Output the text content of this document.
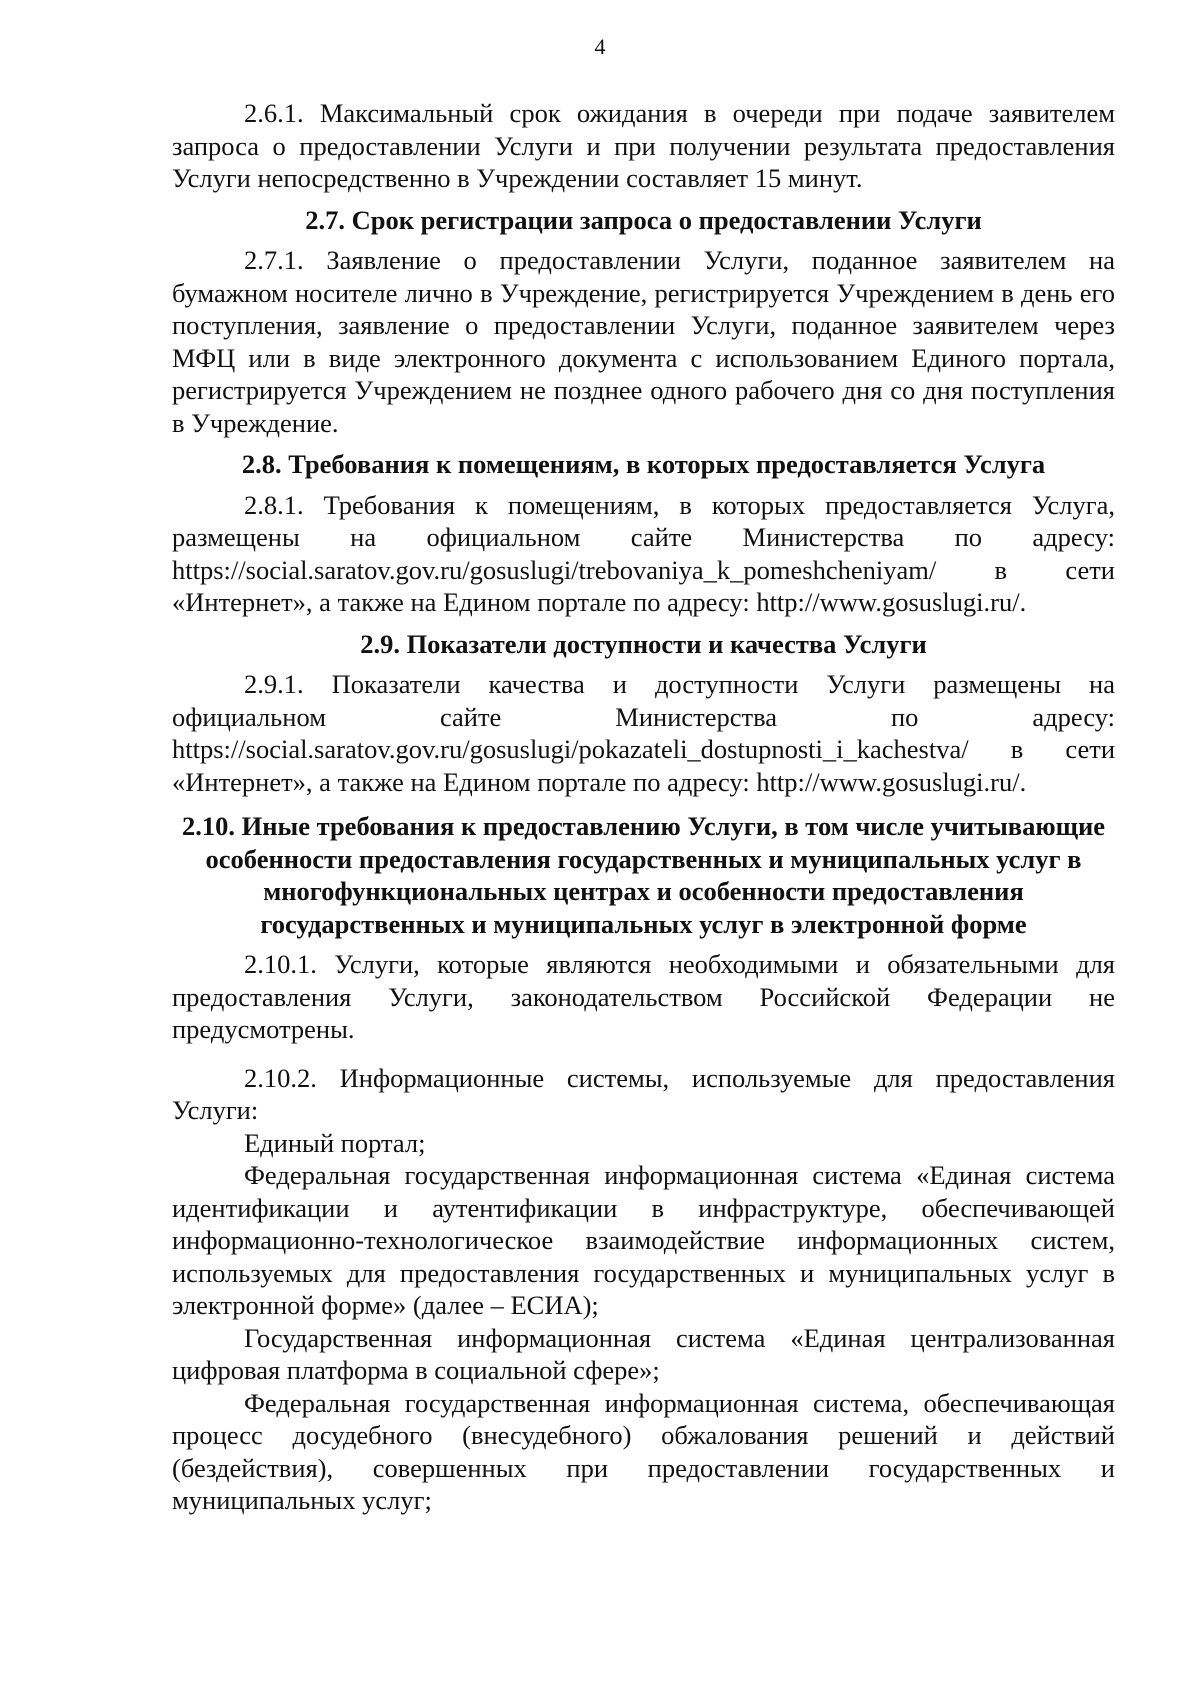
4

2.6.1. Максимальный срок ожидания в очереди при подаче заявителем запроса о предоставлении Услуги и при получении результата предоставления Услуги непосредственно в Учреждении составляет 15 минут.

2.7. Срок регистрации запроса о предоставлении Услуги

2.7.1. Заявление о предоставлении Услуги, поданное заявителем на бумажном носителе лично в Учреждение, регистрируется Учреждением в день его поступления, заявление о предоставлении Услуги, поданное заявителем через МФЦ или в виде электронного документа с использованием Единого портала, регистрируется Учреждением не позднее одного рабочего дня со дня поступления в Учреждение.

2.8. Требования к помещениям, в которых предоставляется Услуга

2.8.1. Требования к помещениям, в которых предоставляется Услуга, размещены на официальном сайте Министерства по адресу: https://social.saratov.gov.ru/gosuslugi/trebovaniya_k_pomeshcheniyam/ в сети «Интернет», а также на Едином портале по адресу: http://www.gosuslugi.ru/.

2.9. Показатели доступности и качества Услуги

2.9.1. Показатели качества и доступности Услуги размещены на официальном сайте Министерства по адресу: https://social.saratov.gov.ru/gosuslugi/pokazateli_dostupnosti_i_kachestva/ в сети «Интернет», а также на Едином портале по адресу: http://www.gosuslugi.ru/.

2.10. Иные требования к предоставлению Услуги, в том числе учитывающие особенности предоставления государственных и муниципальных услуг в многофункциональных центрах и особенности предоставления государственных и муниципальных услуг в электронной форме

2.10.1. Услуги, которые являются необходимыми и обязательными для предоставления Услуги, законодательством Российской Федерации не предусмотрены.

2.10.2. Информационные системы, используемые для предоставления Услуги:

Единый портал;

Федеральная государственная информационная система «Единая система идентификации и аутентификации в инфраструктуре, обеспечивающей информационно-технологическое взаимодействие информационных систем, используемых для предоставления государственных и муниципальных услуг в электронной форме» (далее – ЕСИА);

Государственная информационная система «Единая централизованная цифровая платформа в социальной сфере»;

Федеральная государственная информационная система, обеспечивающая процесс досудебного (внесудебного) обжалования решений и действий (бездействия), совершенных при предоставлении государственных и муниципальных услуг;
